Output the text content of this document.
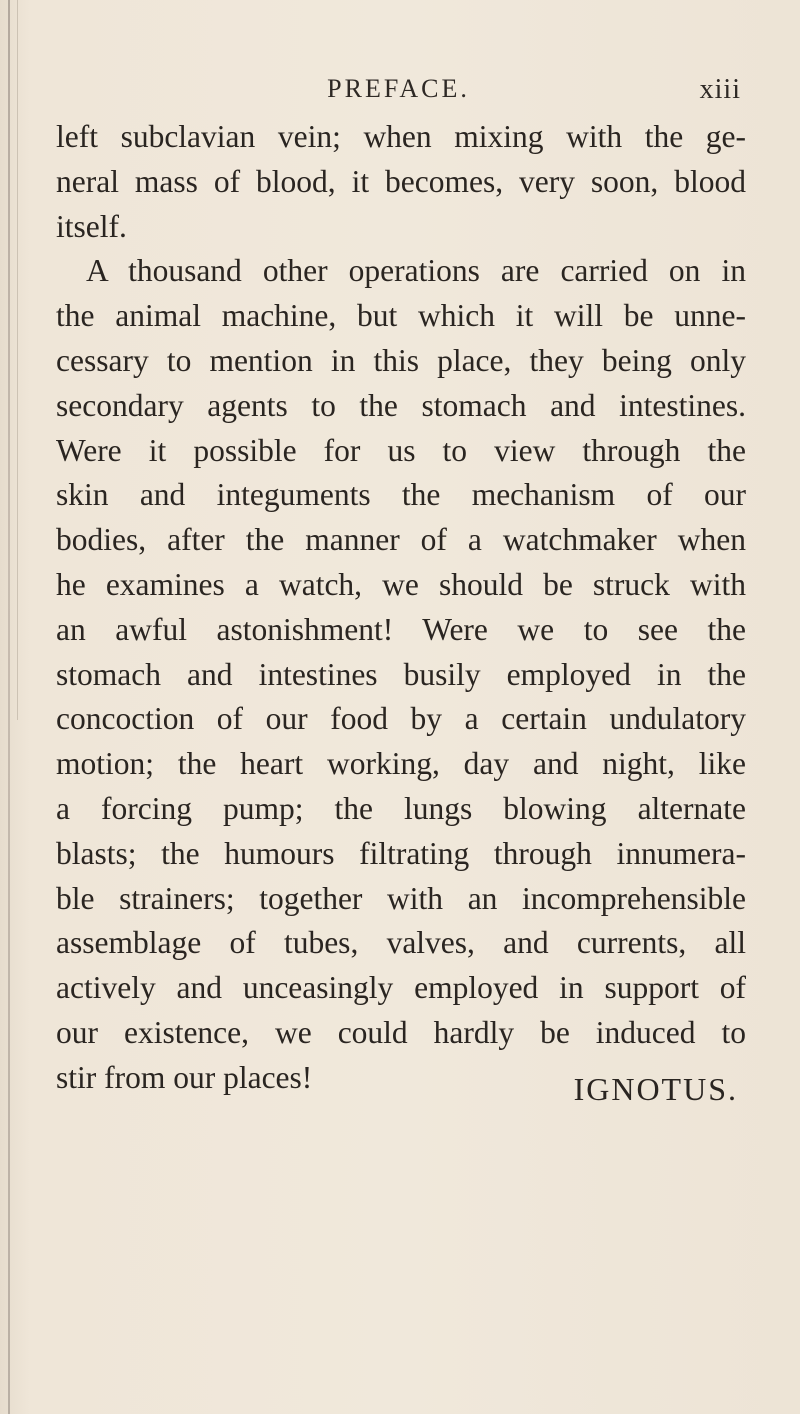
PREFACE.	xiii
left subclavian vein; when mixing with the ge-
neral mass of blood, it becomes, very soon, blood
itself.
A thousand other operations are carried on in
the animal machine, but which it will be unne-
cessary to mention in this place, they being only
secondary agents to the stomach and intestines.
Were it possible for us to view through the
skin and integuments the mechanism of our
bodies, after the manner of a watchmaker when
he examines a watch, we should be struck with
an awful astonishment! Were we to see the
stomach and intestines busily employed in the
concoction of our food by a certain undulatory
motion; the heart working, day and night, like
a forcing pump; the lungs blowing alternate
blasts; the humours filtrating through innumera-
ble strainers; together with an incomprehensible
assemblage of tubes, valves, and currents, all
actively and unceasingly employed in support of
our existence, we could hardly be induced to
stir from our places!	IGNOTUS.
